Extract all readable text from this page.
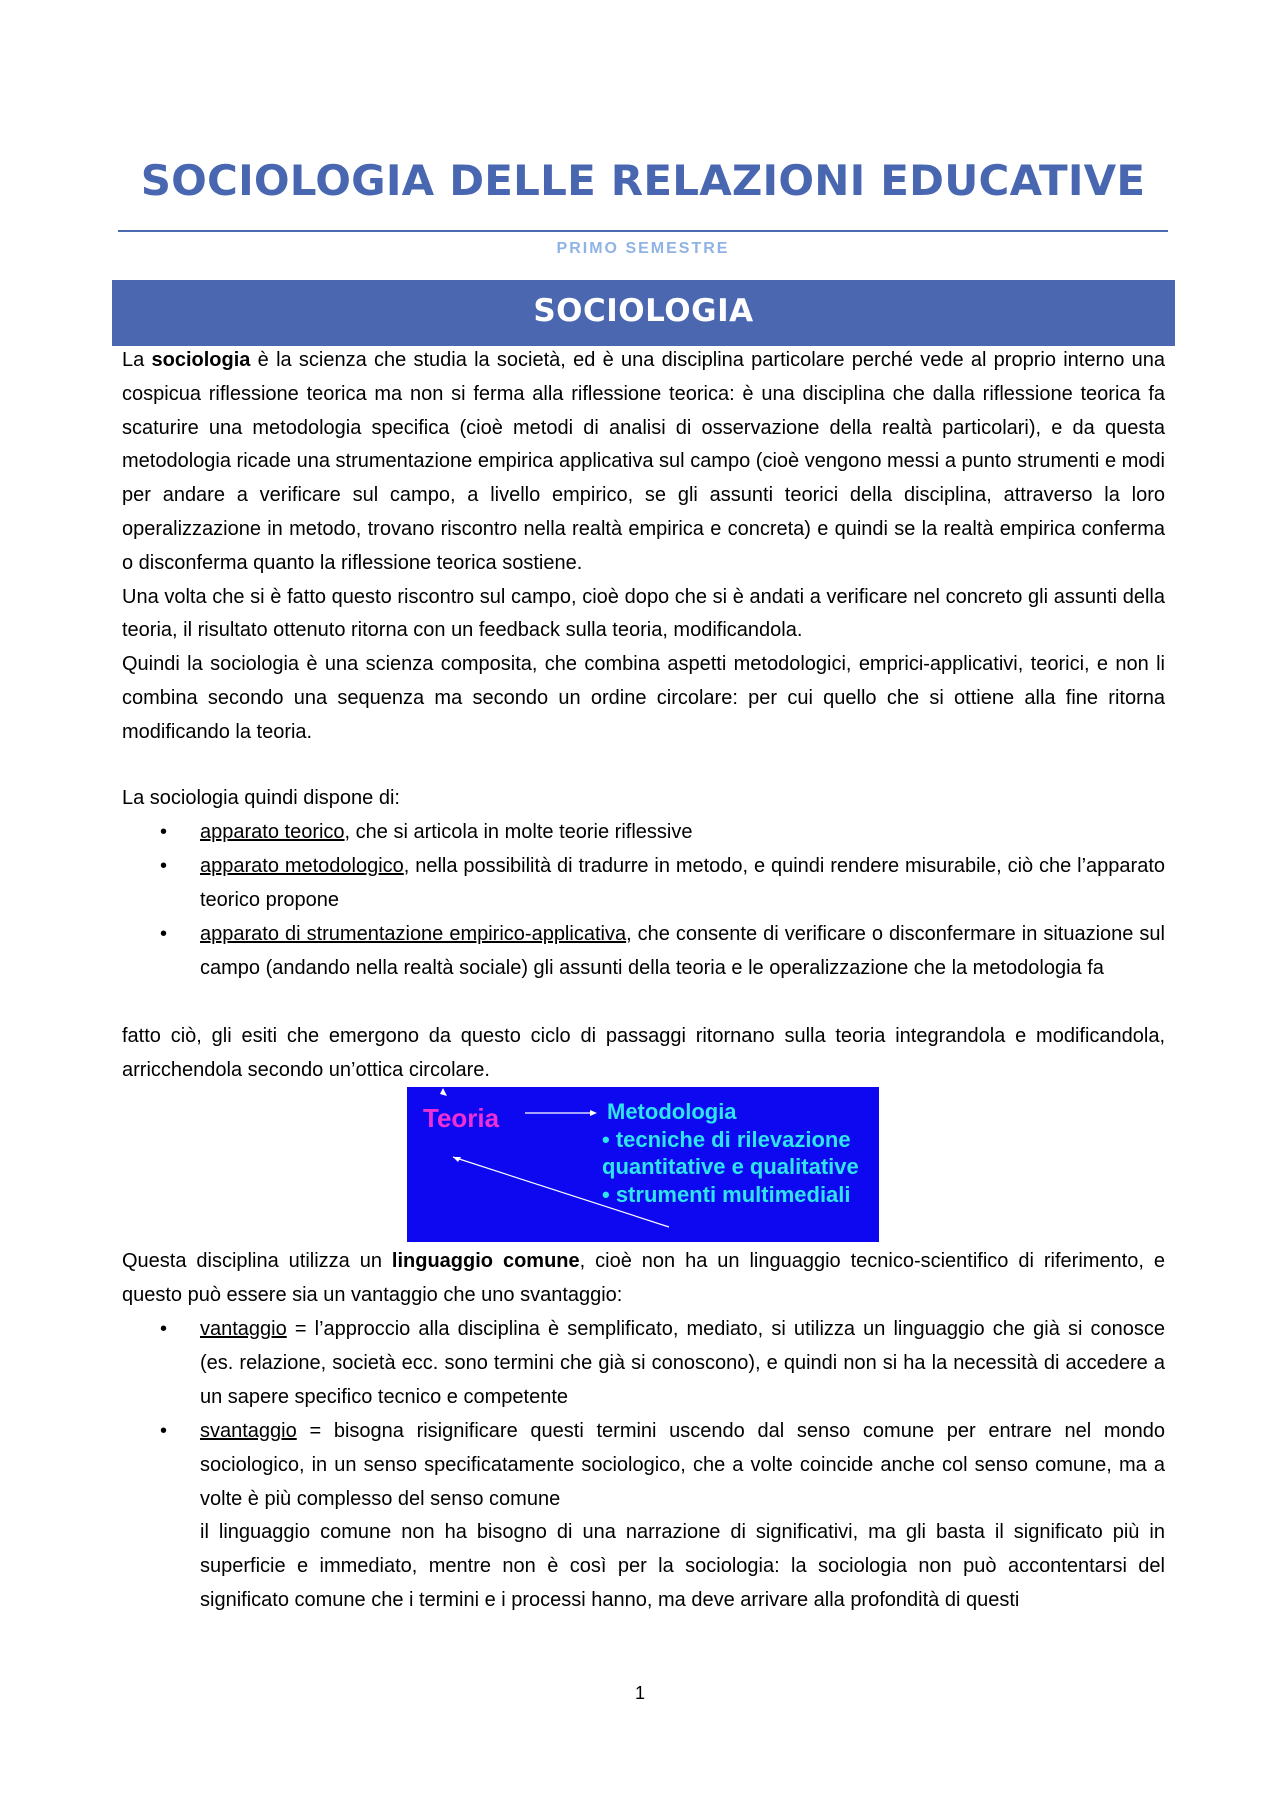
SOCIOLOGIA DELLE RELAZIONI EDUCATIVE
PRIMO SEMESTRE
SOCIOLOGIA
La sociologia è la scienza che studia la società, ed è una disciplina particolare perché vede al proprio interno una cospicua riflessione teorica ma non si ferma alla riflessione teorica: è una disciplina che dalla riflessione teorica fa scaturire una metodologia specifica (cioè metodi di analisi di osservazione della realtà particolari), e da questa metodologia ricade una strumentazione empirica applicativa sul campo (cioè vengono messi a punto strumenti e modi per andare a verificare sul campo, a livello empirico, se gli assunti teorici della disciplina, attraverso la loro operalizzazione in metodo, trovano riscontro nella realtà empirica e concreta) e quindi se la realtà empirica conferma o disconferma quanto la riflessione teorica sostiene.
Una volta che si è fatto questo riscontro sul campo, cioè dopo che si è andati a verificare nel concreto gli assunti della teoria, il risultato ottenuto ritorna con un feedback sulla teoria, modificandola.
Quindi la sociologia è una scienza composita, che combina aspetti metodologici, emprici-applicativi, teorici, e non li combina secondo una sequenza ma secondo un ordine circolare: per cui quello che si ottiene alla fine ritorna modificando la teoria.
La sociologia quindi dispone di:
•	apparato teorico, che si articola in molte teorie riflessive
•	apparato metodologico, nella possibilità di tradurre in metodo, e quindi rendere misurabile, ciò che l’apparato teorico propone
•	apparato di strumentazione empirico-applicativa, che consente di verificare o disconfermare in situazione sul campo (andando nella realtà sociale) gli assunti della teoria e le operalizzazione che la metodologia fa
fatto ciò, gli esiti che emergono da questo ciclo di passaggi ritornano sulla teoria integrandola e modificandola, arricchendola secondo un’ottica circolare.
Teoria	Metodologia
• tecniche di rilevazione
quantitative e qualitative
• strumenti multimediali
Questa disciplina utilizza un linguaggio comune, cioè non ha un linguaggio tecnico-scientifico di riferimento, e questo può essere sia un vantaggio che uno svantaggio:
•	vantaggio = l’approccio alla disciplina è semplificato, mediato, si utilizza un linguaggio che già si conosce (es. relazione, società ecc. sono termini che già si conoscono), e quindi non si ha la necessità di accedere a un sapere specifico tecnico e competente
•	svantaggio = bisogna risignificare questi termini uscendo dal senso comune per entrare nel mondo sociologico, in un senso specificatamente sociologico, che a volte coincide anche col senso comune, ma a volte è più complesso del senso comune
il linguaggio comune non ha bisogno di una narrazione di significativi, ma gli basta il significato più in superficie e immediato, mentre non è così per la sociologia: la sociologia non può accontentarsi del significato comune che i termini e i processi hanno, ma deve arrivare alla profondità di questi
1
